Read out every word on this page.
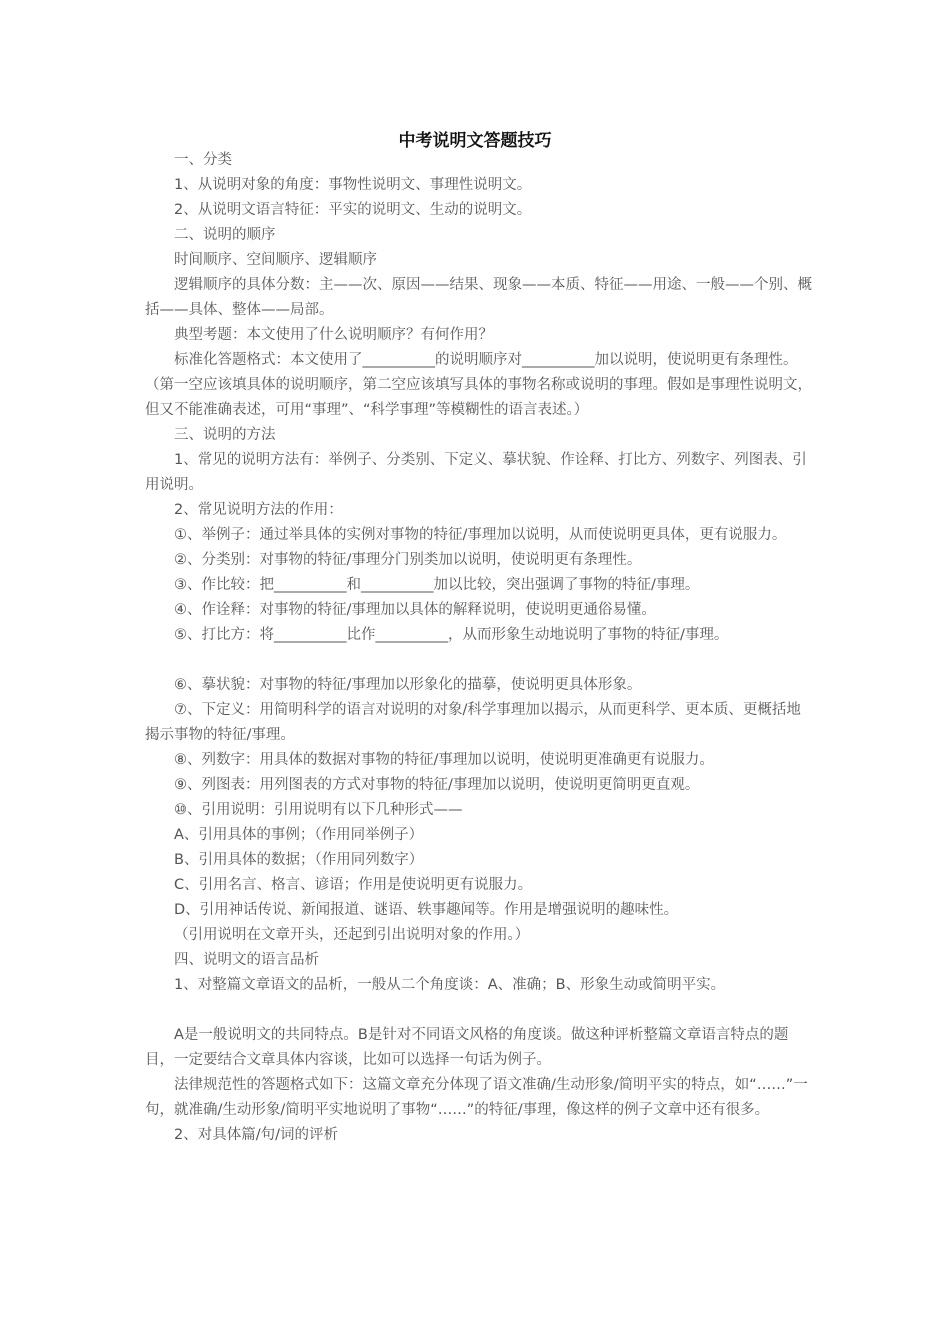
中考说明文答题技巧

一、分类

1、从说明对象的角度：事物性说明文、事理性说明文。

2、从说明文语言特征：平实的说明文、生动的说明文。

二、说明的顺序

时间顺序、空间顺序、逻辑顺序

逻辑顺序的具体分数：主——次、原因——结果、现象——本质、特征——用途、一般——个别、概括——具体、整体——局部。

典型考题：本文使用了什么说明顺序？有何作用？

标准化答题格式：本文使用了__________的说明顺序对__________加以说明，使说明更有条理性。（第一空应该填具体的说明顺序，第二空应该填写具体的事物名称或说明的事理。假如是事理性说明文，但又不能准确表述，可用“事理”、“科学事理”等模糊性的语言表述。）

三、说明的方法

1、常见的说明方法有：举例子、分类别、下定义、摹状貌、作诠释、打比方、列数字、列图表、引用说明。

2、常见说明方法的作用：

①、举例子：通过举具体的实例对事物的特征/事理加以说明，从而使说明更具体，更有说服力。

②、分类别：对事物的特征/事理分门别类加以说明，使说明更有条理性。

③、作比较：把__________和__________加以比较，突出强调了事物的特征/事理。

④、作诠释：对事物的特征/事理加以具体的解释说明，使说明更通俗易懂。

⑤、打比方：将__________比作__________，从而形象生动地说明了事物的特征/事理。

⑥、摹状貌：对事物的特征/事理加以形象化的描摹，使说明更具体形象。

⑦、下定义：用简明科学的语言对说明的对象/科学事理加以揭示，从而更科学、更本质、更概括地揭示事物的特征/事理。

⑧、列数字：用具体的数据对事物的特征/事理加以说明，使说明更准确更有说服力。

⑨、列图表：用列图表的方式对事物的特征/事理加以说明，使说明更简明更直观。

⑩、引用说明：引用说明有以下几种形式——

A、引用具体的事例；（作用同举例子）

B、引用具体的数据；（作用同列数字）

C、引用名言、格言、谚语；作用是使说明更有说服力。

D、引用神话传说、新闻报道、谜语、轶事趣闻等。作用是增强说明的趣味性。

（引用说明在文章开头，还起到引出说明对象的作用。）

四、说明文的语言品析

1、对整篇文章语文的品析，一般从二个角度谈：A、准确；B、形象生动或简明平实。

A是一般说明文的共同特点。B是针对不同语文风格的角度谈。做这种评析整篇文章语言特点的题目，一定要结合文章具体内容谈，比如可以选择一句话为例子。

法律规范性的答题格式如下：这篇文章充分体现了语文准确/生动形象/简明平实的特点，如“……”一句，就准确/生动形象/简明平实地说明了事物“……”的特征/事理，像这样的例子文章中还有很多。

2、对具体篇/句/词的评析
